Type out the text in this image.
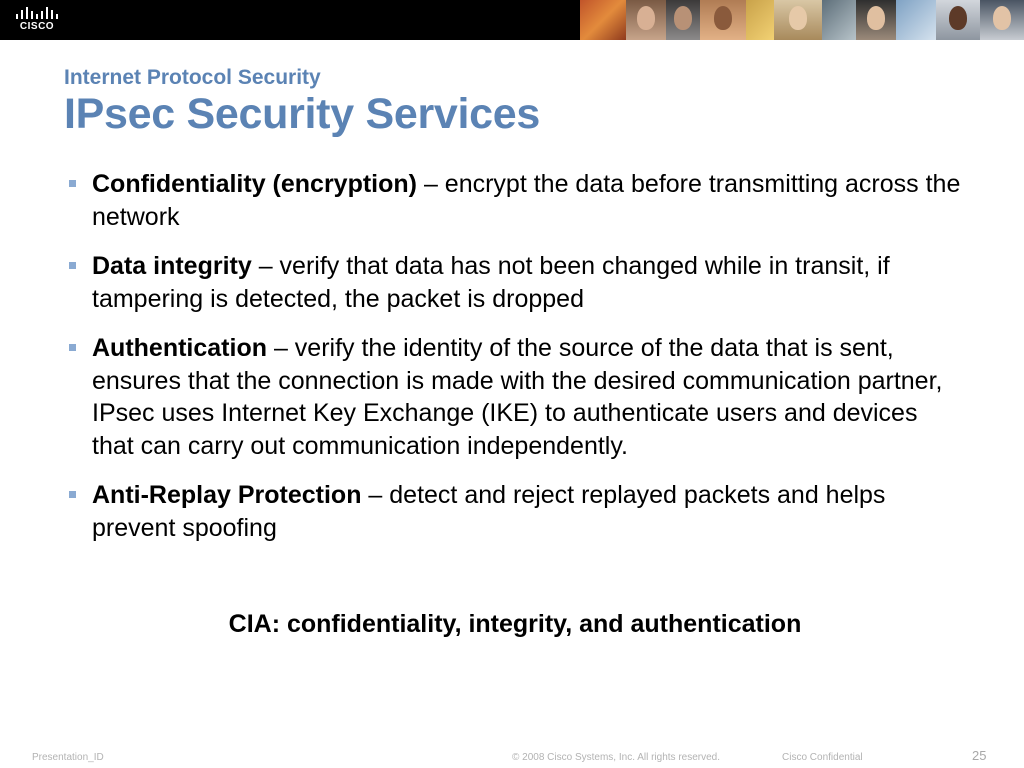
CISCO
Internet Protocol Security
IPsec Security Services
Confidentiality (encryption) – encrypt the data before transmitting across the network
Data integrity – verify that data has not been changed while in transit, if tampering is detected, the packet is dropped
Authentication – verify the identity of the source of the data that is sent, ensures that the connection is made with the desired communication partner, IPsec uses Internet Key Exchange (IKE) to authenticate users and devices that can carry out communication independently.
Anti-Replay Protection – detect and reject replayed packets and helps prevent spoofing
CIA: confidentiality, integrity, and authentication
Presentation_ID	© 2008 Cisco Systems, Inc. All rights reserved.	Cisco Confidential	25
